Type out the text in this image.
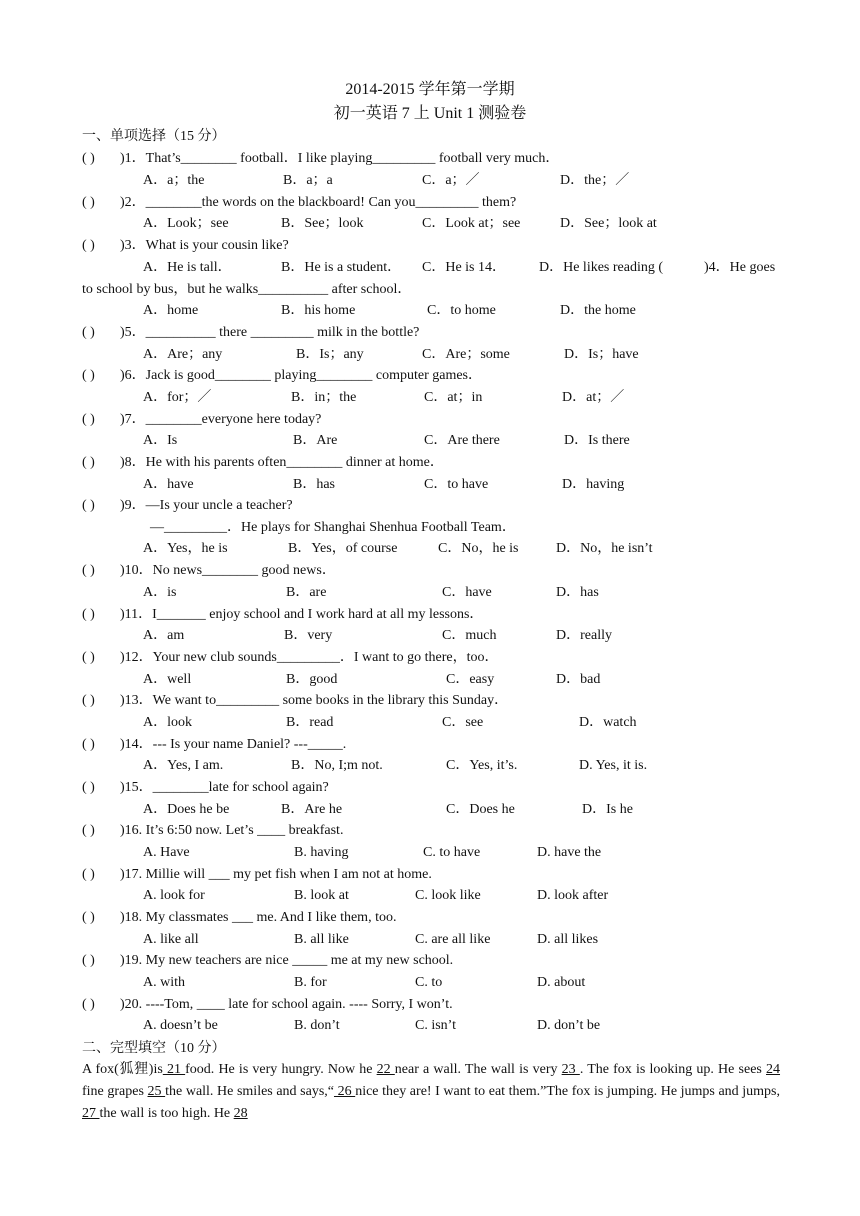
2014-2015 学年第一学期
初一英语 7 上 Unit 1 测验卷
一、单项选择（15 分）
( ) )1．That’s________ football．I like playing_________ football very much．
A．a；the	B．a；a	C．a；／	D．the；／
( ) )2．________the words on the blackboard! Can you_________ them?
A．Look；see	B．See；look	C．Look at；see	D．See；look at
( ) )3．What is your cousin like?
A．He is tall．	B．He is a student． C．He is 14． D．He likes reading (	)4．He goes
to school by bus，but he walks__________ after school．
A．home	B．his home	C．to home	D．the home
( ) )5．__________ there _________ milk in the bottle?
A．Are；any	B．Is；any	C．Are；some	D．Is；have
( ) )6．Jack is good________ playing________ computer games．
A．for；／	B．in；the	C．at；in	D．at；／
( ) )7．________everyone here today?
A．Is	B．Are	C．Are there	D．Is there
( ) )8．He with his parents often________ dinner at home．
A．have	B．has	C．to have	D．having
( ) )9．—Is your uncle a teacher?
—_________．He plays for Shanghai Shenhua Football Team．
A．Yes，he is	B．Yes，of course	C．No，he is	D．No，he isn’t
( ) )10．No news________ good news．
A．is	B．are	C．have	D．has
( ) )11．I_______ enjoy school and I work hard at all my lessons．
A．am	B．very	C．much	D．really
( ) )12．Your new club sounds_________．I want to go there，too．
A．well	B．good	C．easy	D．bad
( ) )13．We want to_________ some books in the library this Sunday．
A．look	B．read	C．see	D．watch
( ) )14．--- Is your name Daniel? ---_____.
A．Yes, I am.	B．No, I;m not.	C．Yes, it’s.	D. Yes, it is.
( ) )15．________late for school again?
A．Does he be	B．Are he	C．Does he	D．Is he
( ) )16. It’s 6:50 now. Let’s ____ breakfast.
A. Have	B. having	C. to have	D. have the
( ) )17. Millie will ___ my pet fish when I am not at home.
A. look for	B. look at	C. look like	D. look after
( ) )18. My classmates ___ me. And I like them, too.
A. like all	B. all like	C. are all like	D. all likes
( ) )19. My new teachers are nice _____ me at my new school.
A. with	B. for	C. to	D. about
( ) )20. ----Tom, ____ late for school again. ---- Sorry, I won’t.
A. doesn’t be	B. don’t	C. isn’t	D. don’t be
二、完型填空（10 分）

A fox(狐狸)is 21 food. He is very hungry. Now he 22 near a wall. The wall is very 23 . The fox is looking up. He sees 24 fine grapes 25 the wall. He smiles and says,“ 26 nice they are! I want to eat them.”The fox is jumping. He jumps and jumps, 27 the wall is too high. He 28
